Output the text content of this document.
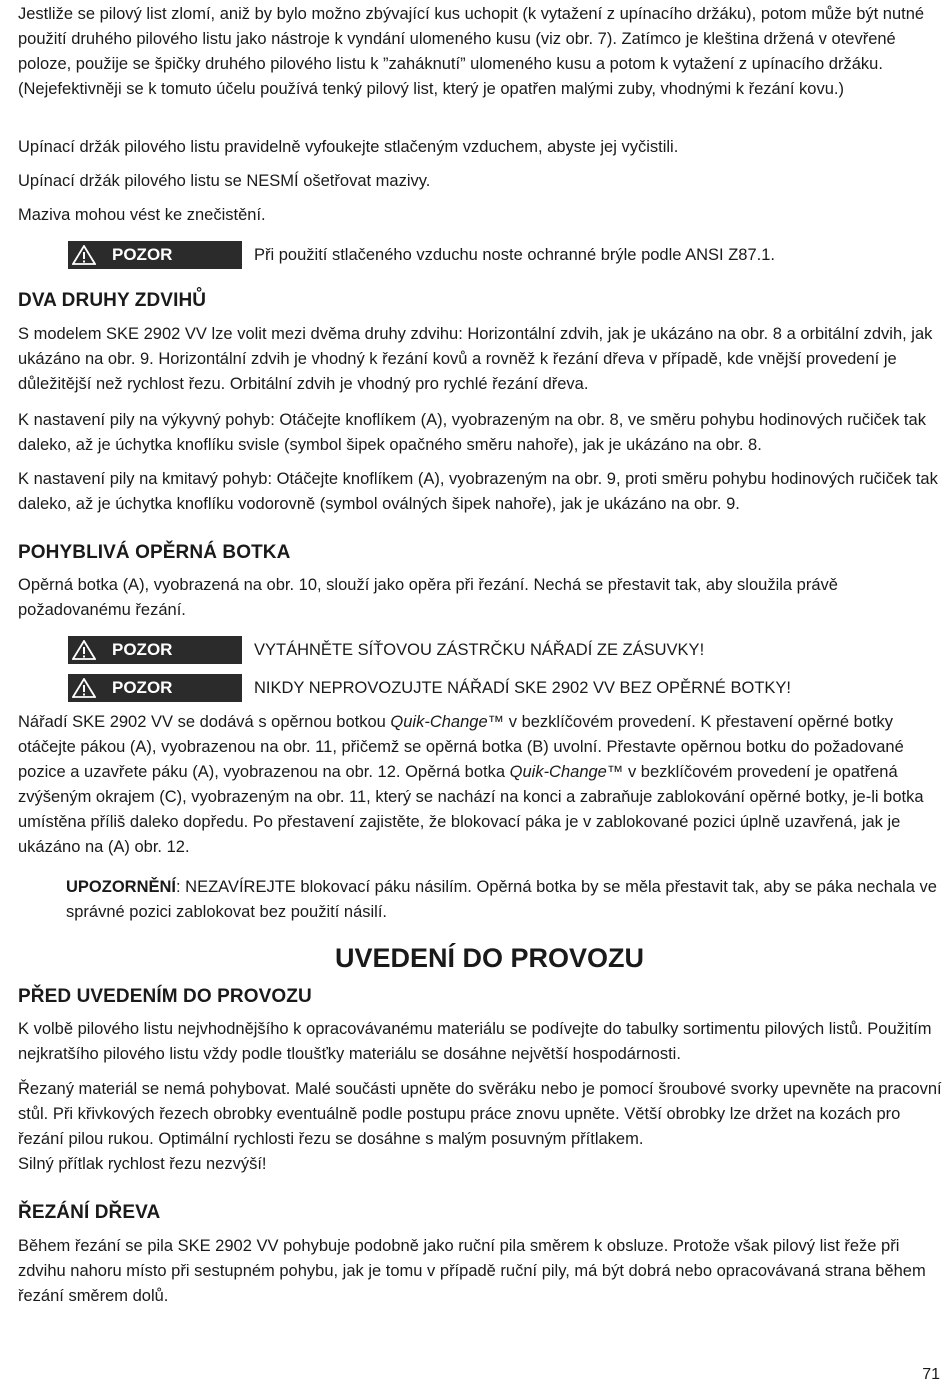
Jestliže se pilový list zlomí, aniž by bylo možno zbývající kus uchopit (k vytažení z upínacího držáku), potom může být nutné použití druhého pilového listu jako nástroje k vyndání ulomeného kusu (viz obr. 7). Zatímco je kleština držená v otevřené poloze, použije se špičky druhého pilového listu k ”zaháknutí” ulomeného kusu a potom k vytažení z upínacího držáku. (Nejefektivněji se k tomuto účelu používá tenký pilový list, který je opatřen malými zuby, vhodnými k řezání kovu.)

Upínací držák pilového listu pravidelně vyfoukejte stlačeným vzduchem, abyste jej vyčistili.

Upínací držák pilového listu se NESMÍ ošetřovat mazivy.

Maziva mohou vést ke znečistění.

POZOR	Při použití stlačeného vzduchu noste ochranné brýle podle ANSI Z87.1.
DVA DRUHY ZDVIHŮ

S modelem SKE 2902 VV lze volit mezi dvěma druhy zdvihu: Horizontální zdvih, jak je ukázáno na obr. 8 a orbitální zdvih, jak ukázáno na obr. 9. Horizontální zdvih je vhodný k řezání kovů a rovněž k řezání dřeva v případě, kde vnější provedení je důležitější než rychlost řezu. Orbitální zdvih je vhodný pro rychlé řezání dřeva.

K nastavení pily na výkyvný pohyb: Otáčejte knoflíkem (A), vyobrazeným na obr. 8, ve směru pohybu hodinových ručiček tak daleko, až je úchytka knoflíku svisle (symbol šipek opačného směru nahoře), jak je ukázáno na obr. 8.

K nastavení pily na kmitavý pohyb: Otáčejte knoflíkem (A), vyobrazeným na obr. 9, proti směru pohybu hodinových ručiček tak daleko, až je úchytka knoflíku vodorovně (symbol oválných šipek nahoře), jak je ukázáno na obr. 9.

POHYBLIVÁ OPĚRNÁ BOTKA

Opěrná botka (A), vyobrazená na obr. 10, slouží jako opěra při řezání. Nechá se přestavit tak, aby sloužila právě požadovanému řezání.

POZOR	VYTÁHNĚTE SÍŤOVOU ZÁSTRČKU NÁŘADÍ ZE ZÁSUVKY!
POZOR	NIKDY NEPROVOZUJTE NÁŘADÍ SKE 2902 VV BEZ OPĚRNÉ BOTKY!

Nářadí SKE 2902 VV se dodává s opěrnou botkou Quik-Change™ v bezklíčovém provedení. K přestavení opěrné botky otáčejte pákou (A), vyobrazenou na obr. 11, přičemž se opěrná botka (B) uvolní. Přestavte opěrnou botku do požadované pozice a uzavřete páku (A), vyobrazenou na obr. 12. Opěrná botka Quik-Change™ v bezklíčovém provedení je opatřená zvýšeným okrajem (C), vyobrazeným na obr. 11, který se nachází na konci a zabraňuje zablokování opěrné botky, je-li botka umístěna příliš daleko dopředu. Po přestavení zajistěte, že blokovací páka je v zablokované pozici úplně uzavřená, jak je ukázáno na (A) obr. 12.

UPOZORNĚNÍ: NEZAVÍREJTE blokovací páku násilím. Opěrná botka by se měla přestavit tak, aby se páka nechala ve správné pozici zablokovat bez použití násilí.

UVEDENÍ DO PROVOZU
PŘED UVEDENÍM DO PROVOZU

K volbě pilového listu nejvhodnějšího k opracovávanému materiálu se podívejte do tabulky sortimentu pilových listů. Použitím nejkratšího pilového listu vždy podle tloušťky materiálu se dosáhne největší hospodárnosti.

Řezaný materiál se nemá pohybovat. Malé součásti upněte do svěráku nebo je pomocí šroubové svorky upevněte na pracovní stůl. Při křivkových řezech obrobky eventuálně podle postupu práce znovu upněte. Větší obrobky lze držet na kozách pro řezání pilou rukou. Optimální rychlosti řezu se dosáhne s malým posuvným přítlakem.
Silný přítlak rychlost řezu nezvýší!

ŘEZÁNÍ DŘEVA

Během řezání se pila SKE 2902 VV pohybuje podobně jako ruční pila směrem k obsluze. Protože však pilový list řeže při zdvihu nahoru místo při sestupném pohybu, jak je tomu v případě ruční pily, má být dobrá nebo opracovávaná strana během řezání směrem dolů.

71
